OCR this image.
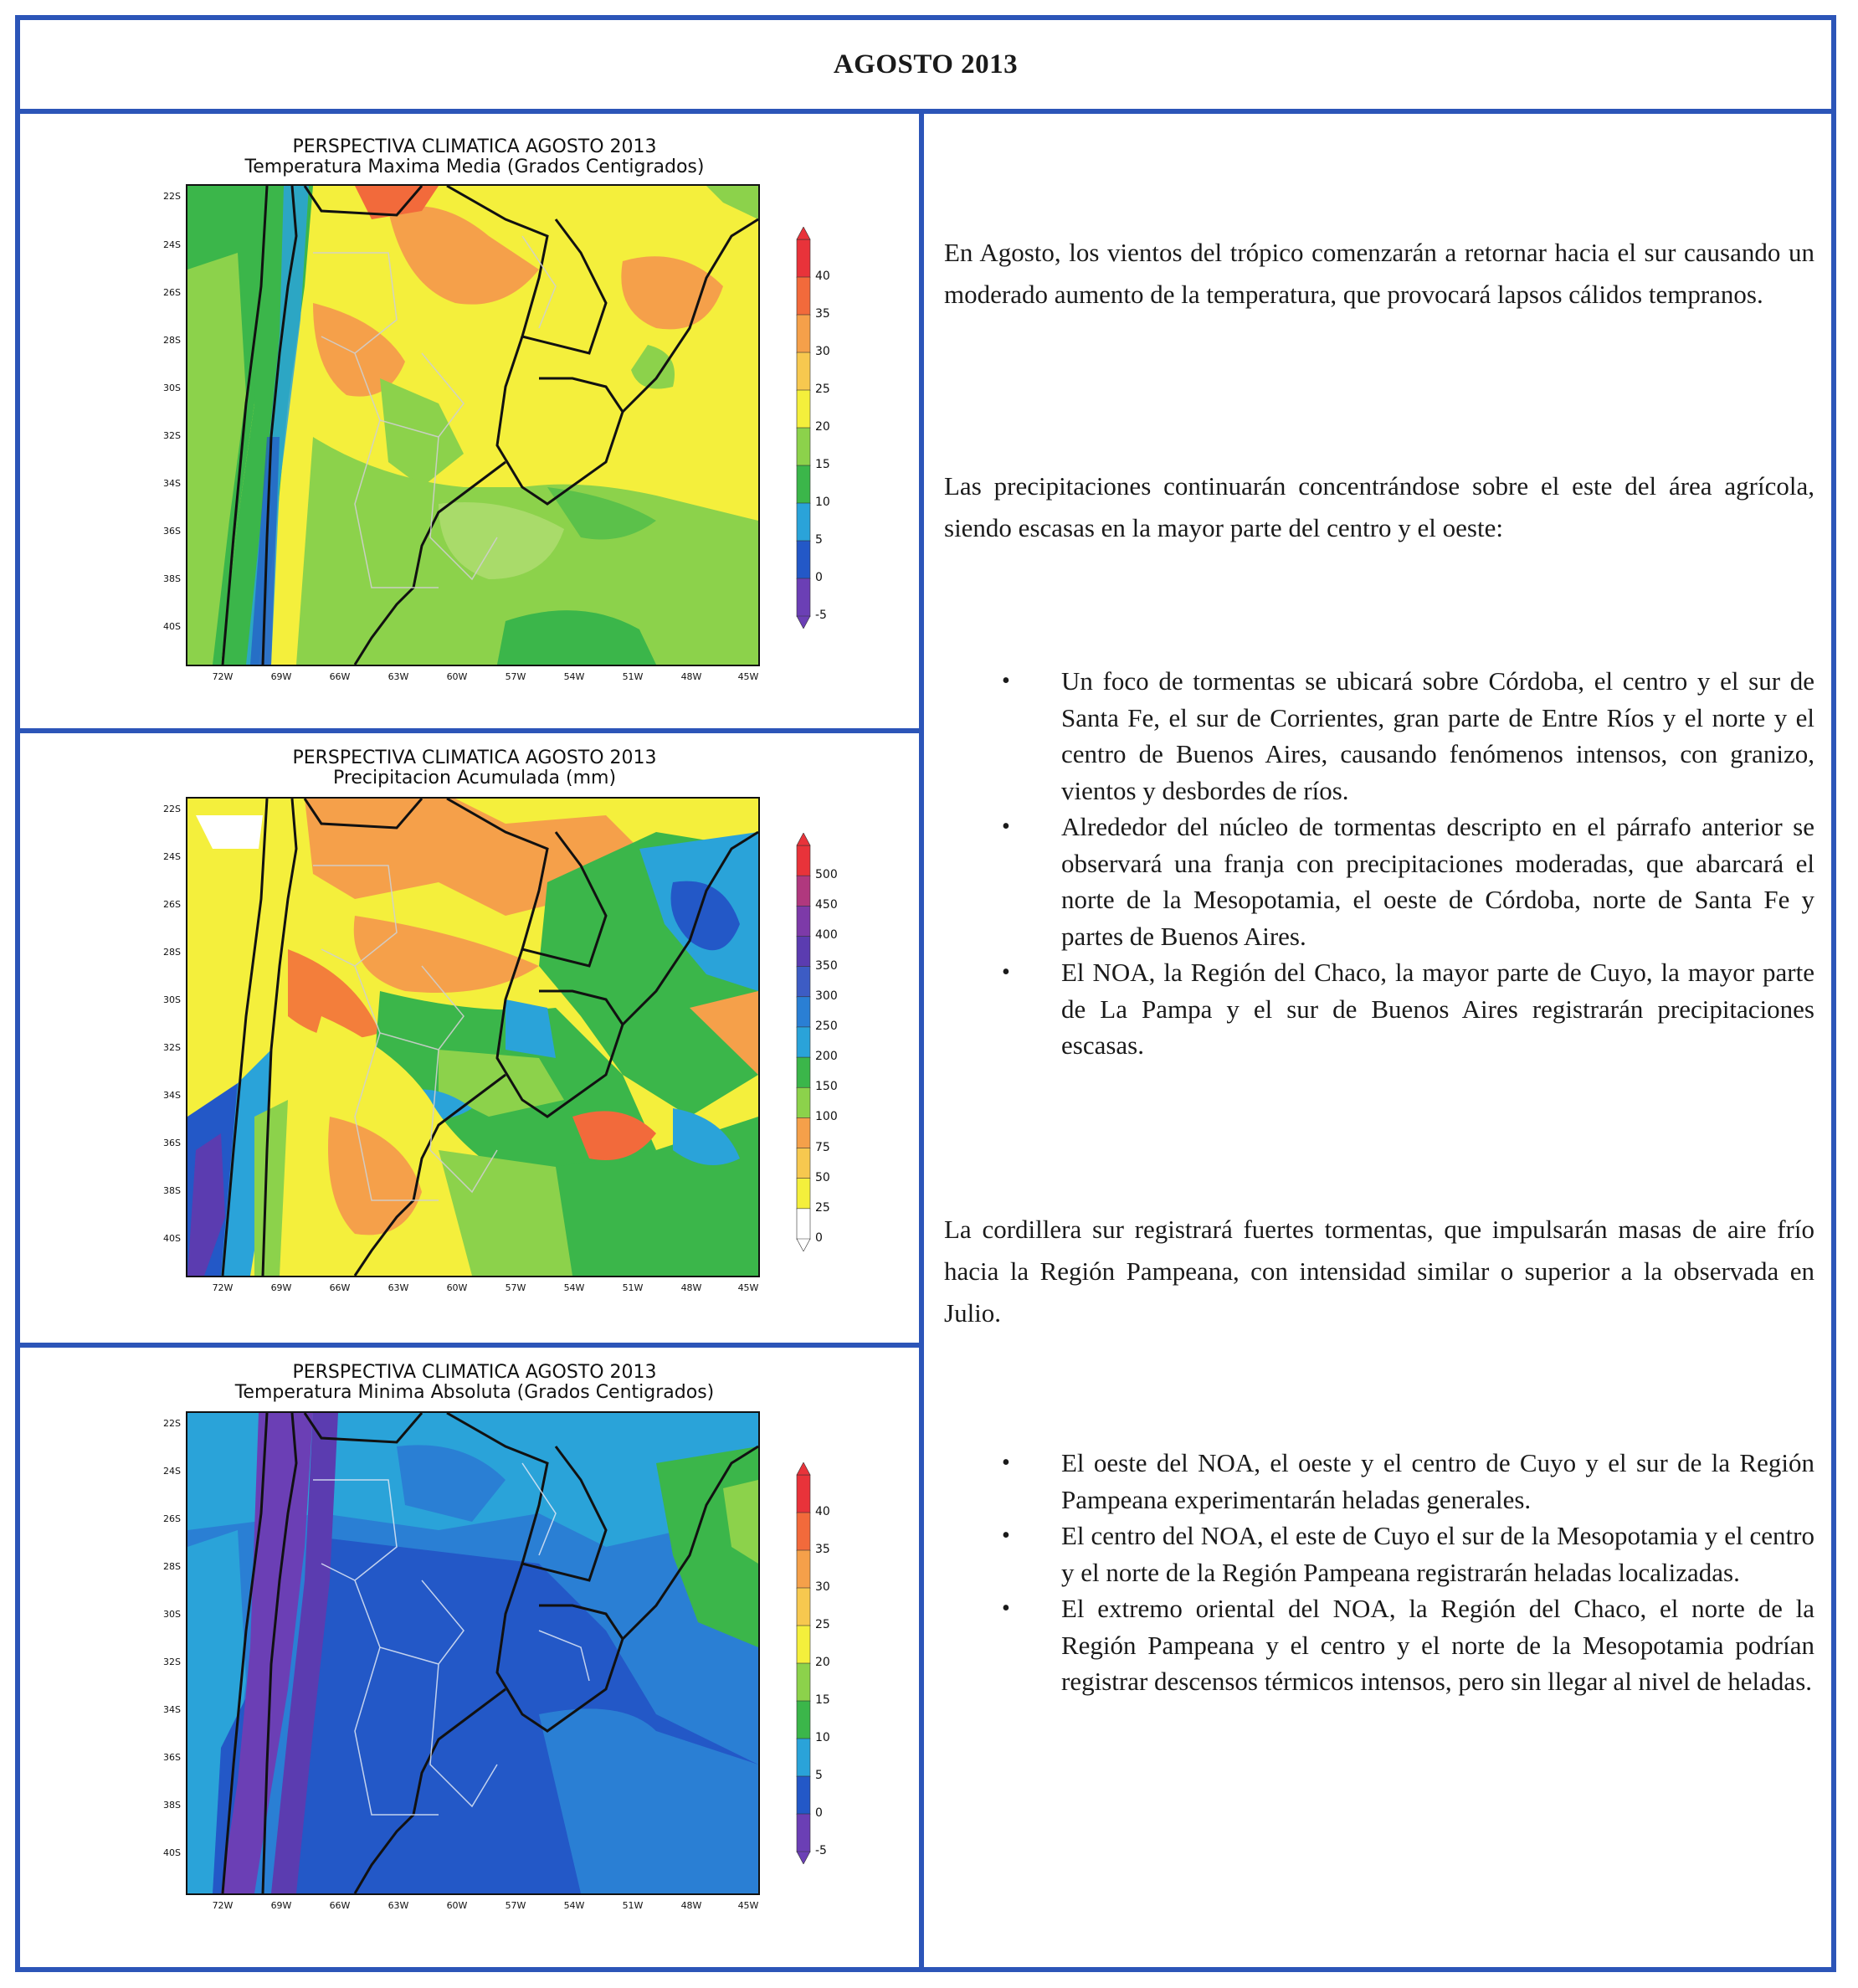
AGOSTO 2013
PERSPECTIVA CLIMATICA AGOSTO 2013
Temperatura Maxima Media (Grados Centigrados)
22S
24S
26S
28S
30S
32S
34S
36S
38S
40S
72W	69W	66W	63W	60W	57W	54W	51W	48W	45W
40
35
30
25
20
15
10
5
0
-5
PERSPECTIVA CLIMATICA AGOSTO 2013
Precipitacion Acumulada (mm)
22S
24S
26S
28S
30S
32S
34S
36S
38S
40S
72W	69W	66W	63W	60W	57W	54W	51W	48W	45W
500
450
400
350
300
250
200
150
100
75
50
25
0
PERSPECTIVA CLIMATICA AGOSTO 2013
Temperatura Minima Absoluta (Grados Centigrados)
22S
24S
26S
28S
30S
32S
34S
36S
38S
40S
72W	69W	66W	63W	60W	57W	54W	51W	48W	45W
40
35
30
25
20
15
10
5
0
-5
En Agosto, los vientos del trópico comenzarán a retornar hacia el sur causando un moderado aumento de la temperatura, que provocará lapsos cálidos tempranos.
Las precipitaciones continuarán concentrándose sobre el este del área agrícola, siendo escasas en la mayor parte del centro y el oeste:
• Un foco de tormentas se ubicará sobre Córdoba, el centro y el sur de Santa Fe, el sur de Corrientes, gran parte de Entre Ríos y el norte y el centro de Buenos Aires, causando fenómenos intensos, con granizo, vientos y desbordes de ríos.
• Alrededor del núcleo de tormentas descripto en el párrafo anterior se observará una franja con precipitaciones moderadas, que abarcará el norte de la Mesopotamia, el oeste de Córdoba, norte de Santa Fe y partes de Buenos Aires.
• El NOA, la Región del Chaco, la mayor parte de Cuyo, la mayor parte de La Pampa y el sur de Buenos Aires registrarán precipitaciones escasas.
La cordillera sur registrará fuertes tormentas, que impulsarán masas de aire frío hacia la Región Pampeana, con intensidad similar o superior a la observada en Julio.
• El oeste del NOA, el oeste y el centro de Cuyo y el sur de la Región Pampeana experimentarán heladas generales.
• El centro del NOA, el este de Cuyo el sur de la Mesopotamia y el centro y el norte de la Región Pampeana registrarán heladas localizadas.
• El extremo oriental del NOA, la Región del Chaco, el norte de la Región Pampeana y el centro y el norte de la Mesopotamia podrían registrar descensos térmicos intensos, pero sin llegar al nivel de heladas.
